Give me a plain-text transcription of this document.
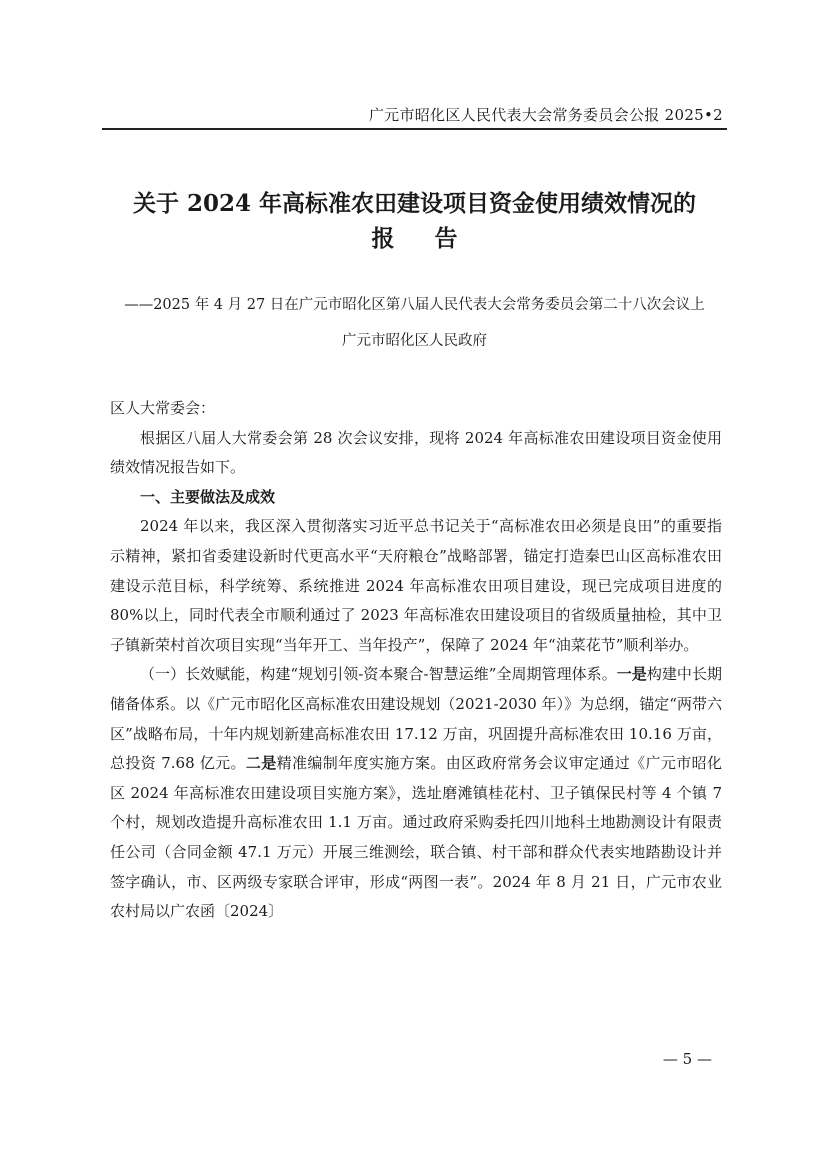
广元市昭化区人民代表大会常务委员会公报 2025•2
关于 2024 年高标准农田建设项目资金使用绩效情况的
报告
——2025 年 4 月 27 日在广元市昭化区第八届人民代表大会常务委员会第二十八次会议上
广元市昭化区人民政府

区人大常委会：

根据区八届人大常委会第 28 次会议安排，现将 2024 年高标准农田建设项目资金使用绩效情况报告如下。

一、主要做法及成效

2024 年以来，我区深入贯彻落实习近平总书记关于“高标准农田必须是良田”的重要指示精神，紧扣省委建设新时代更高水平“天府粮仓”战略部署，锚定打造秦巴山区高标准农田建设示范目标，科学统筹、系统推进 2024 年高标准农田项目建设，现已完成项目进度的 80%以上，同时代表全市顺利通过了 2023 年高标准农田建设项目的省级质量抽检，其中卫子镇新荣村首次项目实现“当年开工、当年投产”，保障了 2024 年“油菜花节”顺利举办。

（一）长效赋能，构建“规划引领-资本聚合-智慧运维”全周期管理体系。一是构建中长期储备体系。以《广元市昭化区高标准农田建设规划（2021-2030 年）》为总纲，锚定“两带六区”战略布局，十年内规划新建高标准农田 17.12 万亩，巩固提升高标准农田 10.16 万亩，总投资 7.68 亿元。二是精准编制年度实施方案。由区政府常务会议审定通过《广元市昭化区 2024 年高标准农田建设项目实施方案》，选址磨滩镇桂花村、卫子镇保民村等 4 个镇 7 个村，规划改造提升高标准农田 1.1 万亩。通过政府采购委托四川地科土地勘测设计有限责任公司（合同金额 47.1 万元）开展三维测绘，联合镇、村干部和群众代表实地踏勘设计并签字确认，市、区两级专家联合评审，形成“两图一表”。2024 年 8 月 21 日，广元市农业农村局以广农函〔2024〕

— 5 —
